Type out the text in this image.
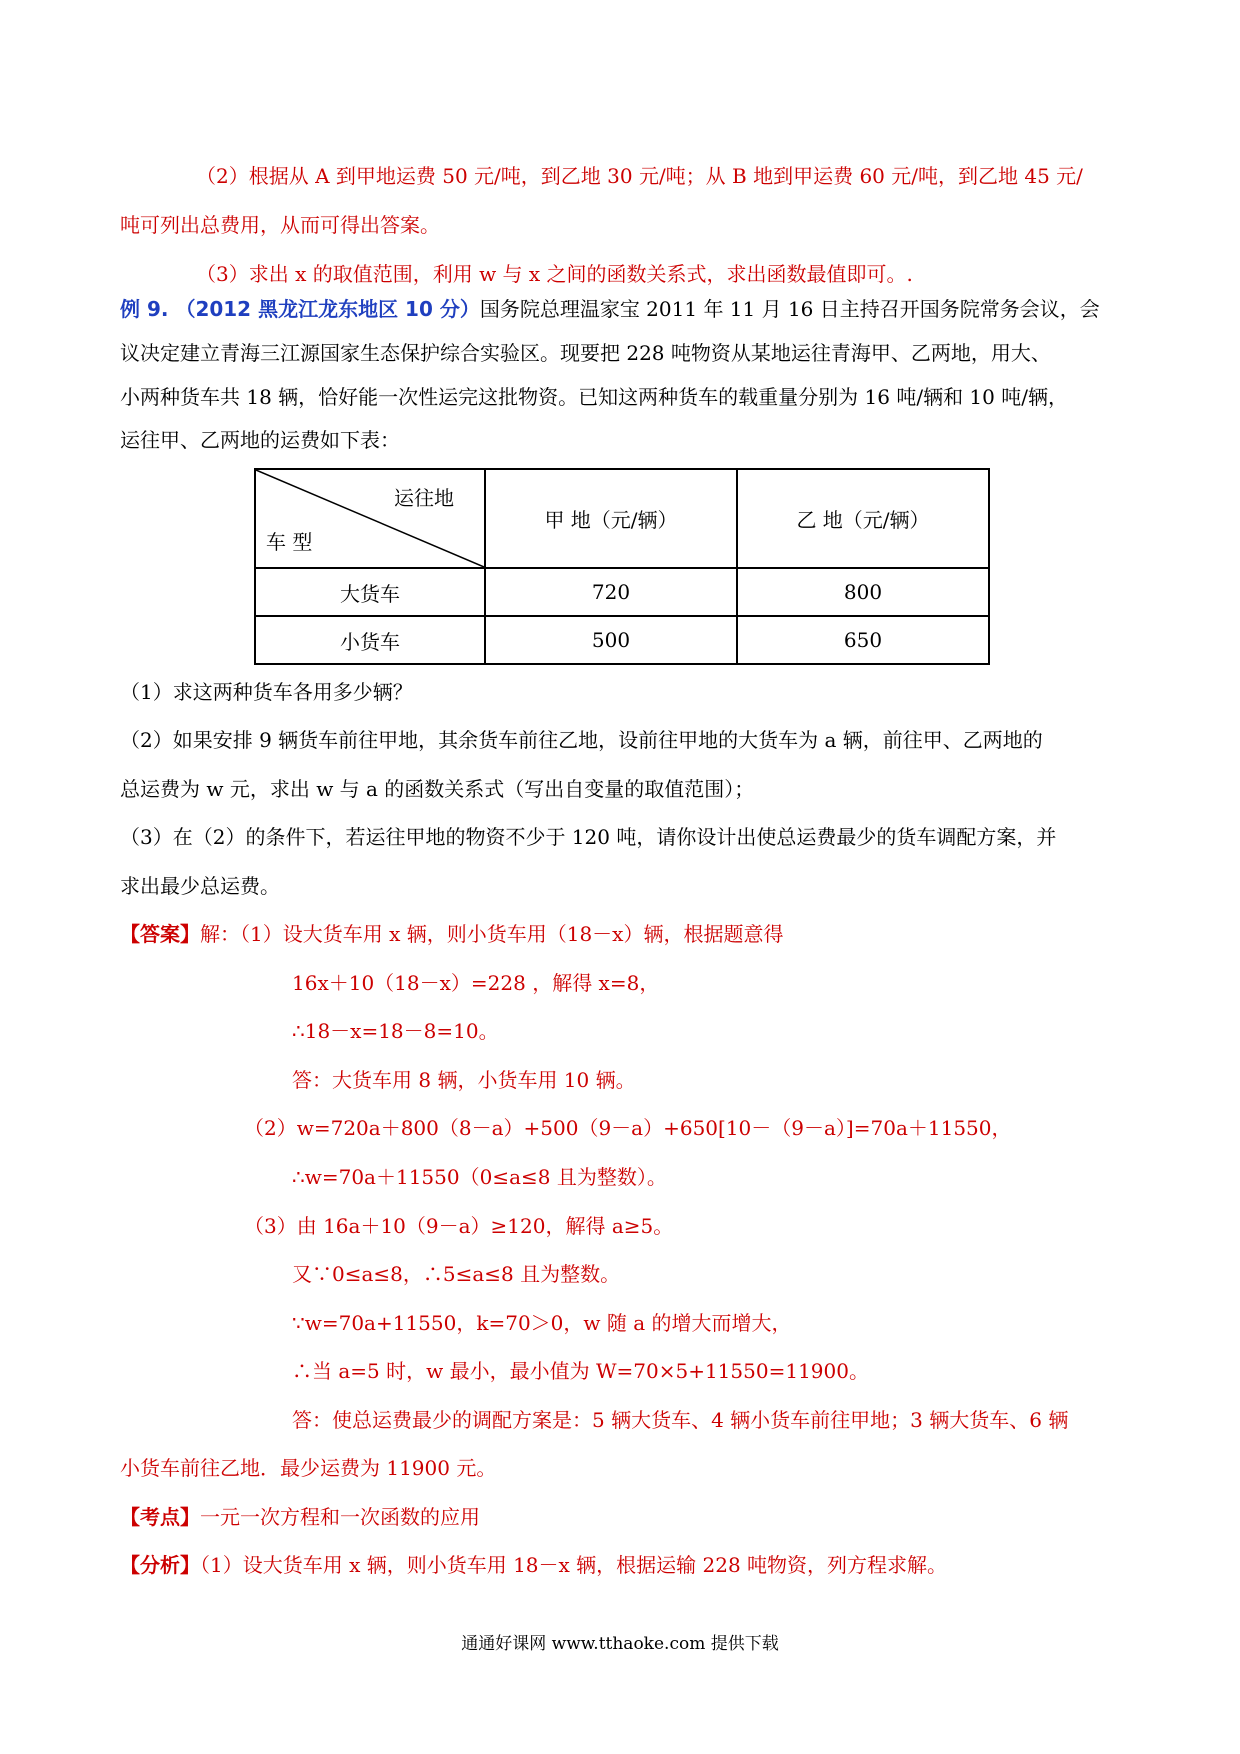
（2）根据从 A 到甲地运费 50 元/吨，到乙地 30 元/吨；从 B 地到甲运费 60 元/吨，到乙地 45 元/
吨可列出总费用，从而可得出答案。
（3）求出 x 的取值范围，利用 w 与 x 之间的函数关系式，求出函数最值即可。.
例 9. （2012 黑龙江龙东地区 10 分）国务院总理温家宝 2011 年 11 月 16 日主持召开国务院常务会议，会
议决定建立青海三江源国家生态保护综合实验区。现要把 228 吨物资从某地运往青海甲、乙两地，用大、
小两种货车共 18 辆，恰好能一次性运完这批物资。已知这两种货车的载重量分别为 16 吨/辆和 10 吨/辆，
运往甲、乙两地的运费如下表：
运往地
车 型	甲 地（元/辆）	乙 地（元/辆）
大货车	720	800
小货车	500	650
（1）求这两种货车各用多少辆？
（2）如果安排 9 辆货车前往甲地，其余货车前往乙地，设前往甲地的大货车为 a 辆，前往甲、乙两地的
总运费为 w 元，求出 w 与 a 的函数关系式（写出自变量的取值范围）；
（3）在（2）的条件下，若运往甲地的物资不少于 120 吨，请你设计出使总运费最少的货车调配方案，并
求出最少总运费。
【答案】解：（1）设大货车用 x 辆，则小货车用（18－x）辆，根据题意得
16x＋10（18－x）=228 ，解得 x=8，
∴18－x=18－8=10。
答：大货车用 8 辆，小货车用 10 辆。
（2）w=720a＋800（8－a）+500（9－a）+650[10－（9－a）]=70a＋11550，
∴w=70a＋11550（0≤a≤8 且为整数）。
（3）由 16a＋10（9－a）≥120，解得 a≥5。
又∵0≤a≤8，∴5≤a≤8 且为整数。
∵w=70a+11550，k=70＞0，w 随 a 的增大而增大，
∴当 a=5 时，w 最小，最小值为 W=70×5+11550=11900。
答：使总运费最少的调配方案是：5 辆大货车、4 辆小货车前往甲地；3 辆大货车、6 辆
小货车前往乙地．最少运费为 11900 元。
【考点】一元一次方程和一次函数的应用
【分析】（1）设大货车用 x 辆，则小货车用 18－x 辆，根据运输 228 吨物资，列方程求解。
通通好课网 www.tthaoke.com 提供下载
